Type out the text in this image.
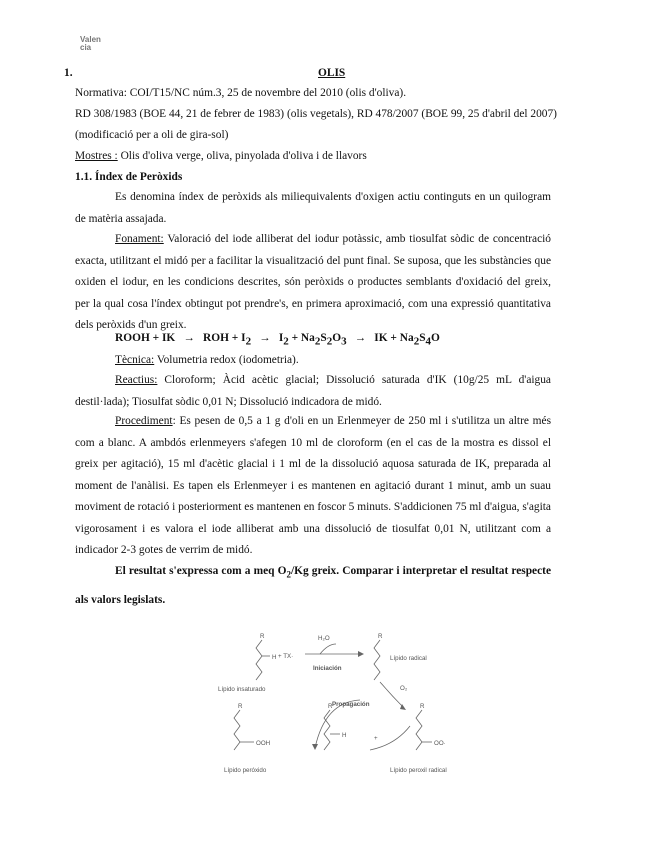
Valen
cia
1.	OLIS
Normativa: COI/T15/NC núm.3, 25 de novembre del 2010 (olis d'oliva).
RD 308/1983 (BOE 44, 21 de febrer de 1983) (olis vegetals), RD 478/2007 (BOE 99, 25 d'abril del 2007)
(modificació per a oli de gira-sol)
Mostres : Olis d'oliva verge, oliva, pinyolada d'oliva i de llavors
1.1. Índex de Peròxids
Es denomina índex de peròxids als miliequivalents d'oxigen actiu continguts en un quilogram de matèria assajada.
Fonament: Valoració del iode alliberat del iodur potàssic, amb tiosulfat sòdic de concentració exacta, utilitzant el midó per a facilitar la visualització del punt final. Se suposa, que les substàncies que oxiden el iodur, en les condicions descrites, són peròxids o productes semblants d'oxidació del greix, per la qual cosa l'índex obtingut pot prendre's, en primera aproximació, com una expressió quantitativa dels peròxids d'un greix.
ROOH + IK → ROH + $I_2 \to I_2 + Na_2S_2O_3$ → IK + $Na_2S_4O$
Tècnica: Volumetria redox (iodometria).
Reactius: Cloroform; Àcid acètic glacial; Dissolució saturada d'IK (10g/25 mL d'aigua destil·lada); Tiosulfat sòdic 0,01 N; Dissolució indicadora de midó.
Procediment: Es pesen de 0,5 a 1 g d'oli en un Erlenmeyer de 250 ml i s'utilitza un altre més com a blanc. A ambdós erlenmeyers s'afegen 10 ml de cloroform (en el cas de la mostra es dissol el greix per agitació), 15 ml d'acètic glacial i 1 ml de la dissolució aquosa saturada de IK, preparada al moment de l'anàlisi. Es tapen els Erlenmeyer i es mantenen en agitació durant 1 minut, amb un suau moviment de rotació i posteriorment es mantenen en foscor 5 minuts. S'addicionen 75 ml d'aigua, s'agita vigorosament i es valora el iode alliberat amb una dissolució de tiosulfat 0,01 N, utilitzant com a indicador 2-3 gotes de verrim de midó.
El resultat s'expressa com a meq $O_2/Kg$ greix. Comparar i interpretar el resultat respecte als valors legislats.
R
H + TX·
H₂O
Iniciación
R
Lípido radical
Lípido insaturado	O₂
Propagación
R
OOH
R
H	+
R
OO·
Lípido peróxido	Lípido peroxil radical
